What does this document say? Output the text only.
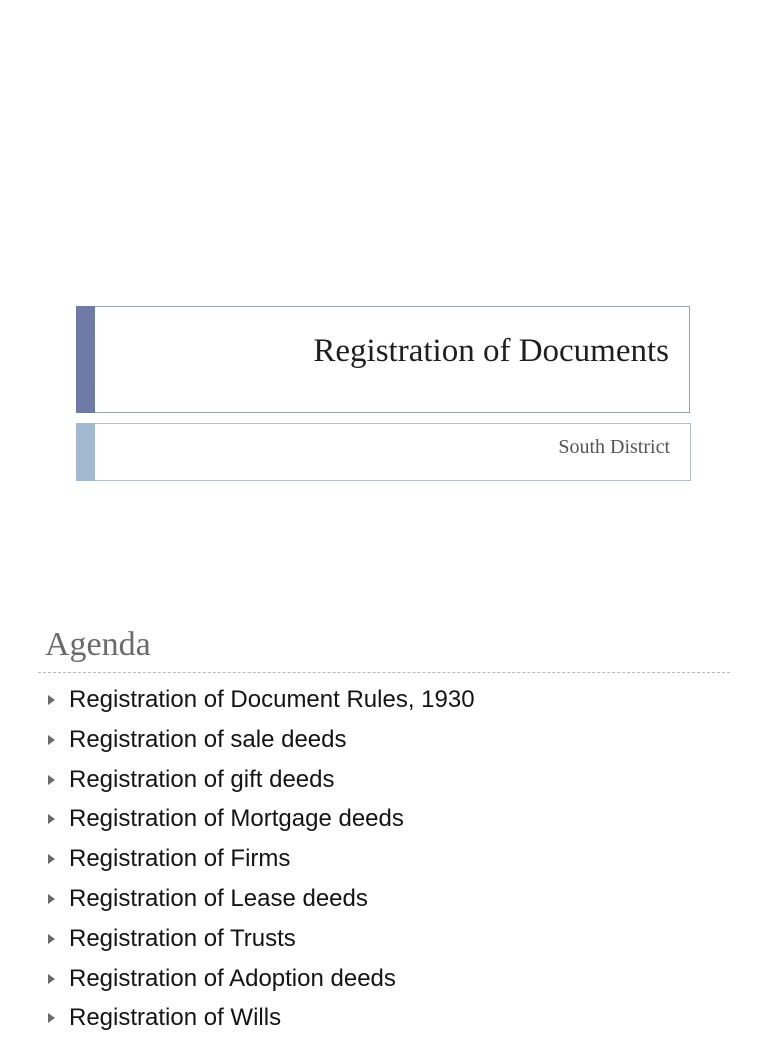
Registration of Documents
South District
Agenda
Registration of Document Rules, 1930
Registration of sale deeds
Registration of gift deeds
Registration of Mortgage deeds
Registration of Firms
Registration of Lease deeds
Registration of Trusts
Registration of Adoption deeds
Registration of Wills
